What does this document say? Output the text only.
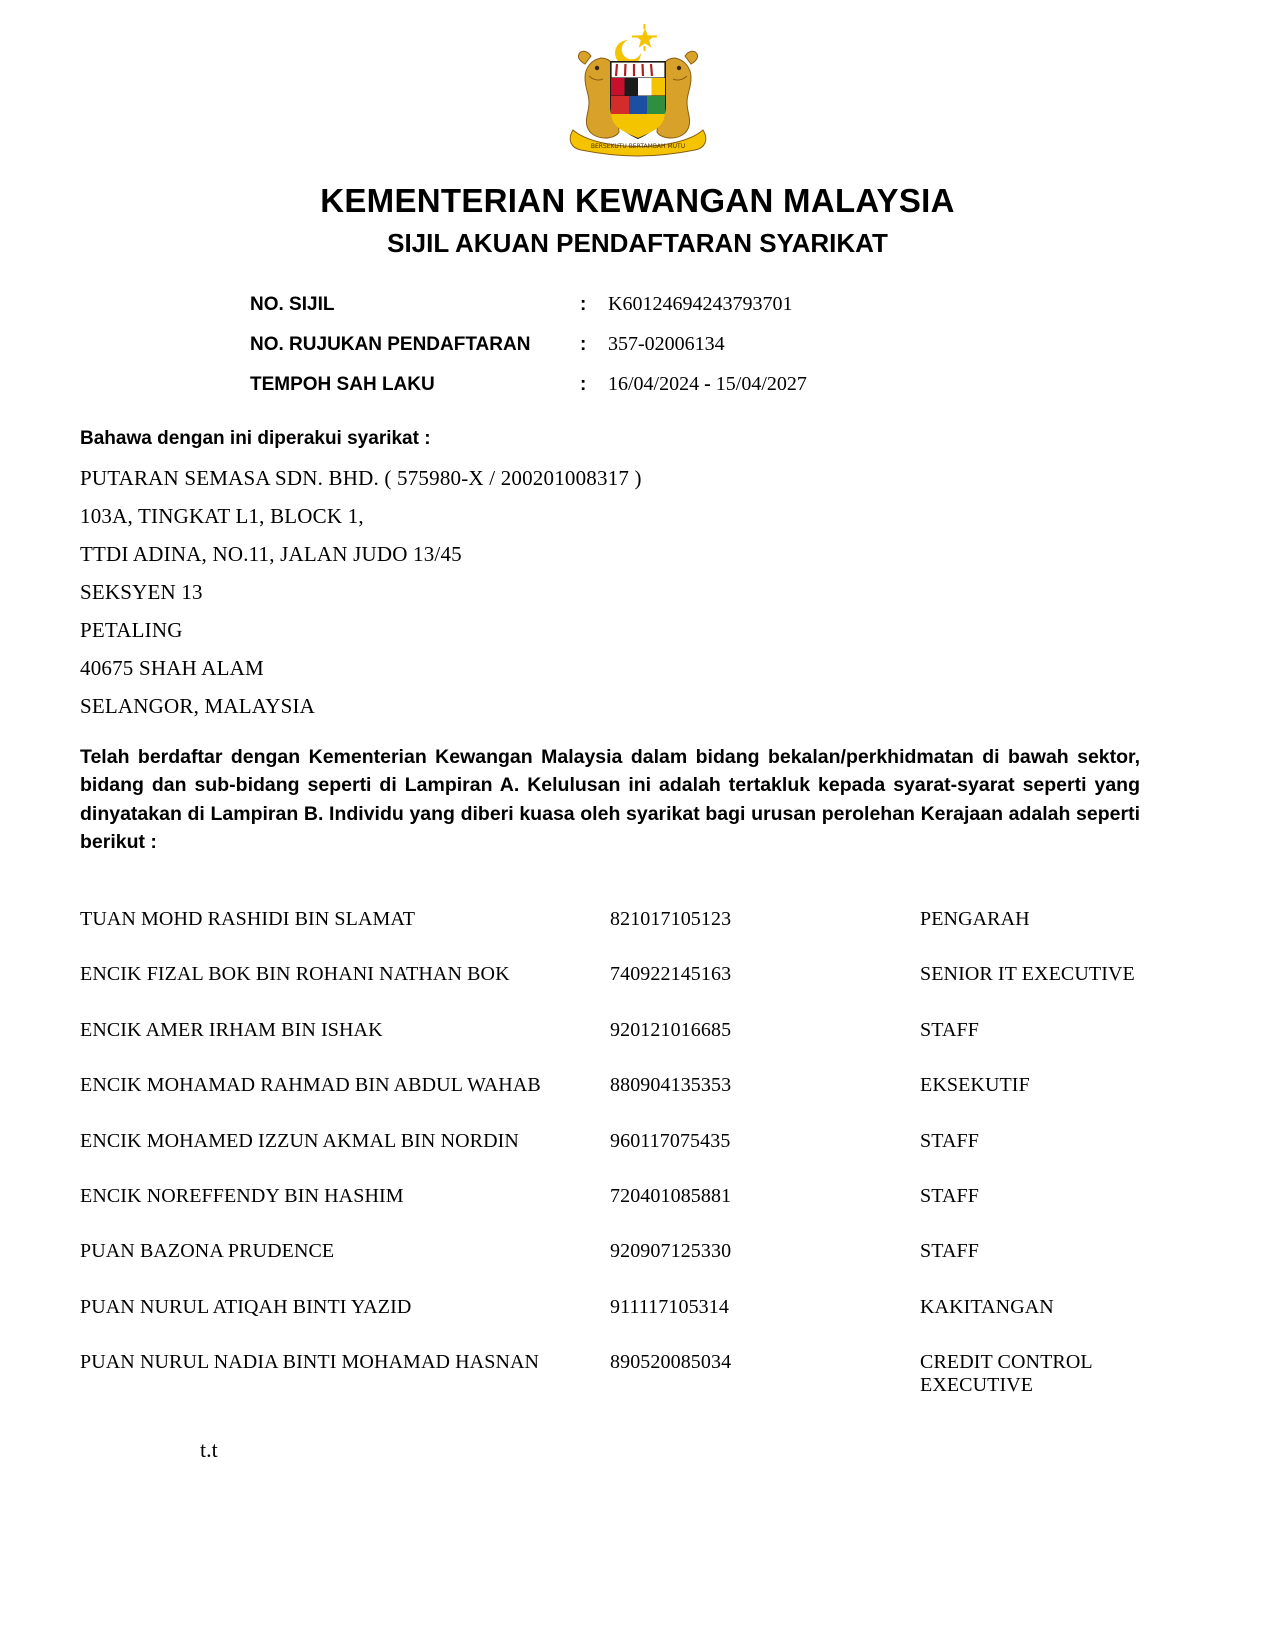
BERSEKUTU BERTAMBAH MUTU
KEMENTERIAN KEWANGAN MALAYSIA
SIJIL AKUAN PENDAFTARAN SYARIKAT
NO. SIJIL	:	K60124694243793701
NO. RUJUKAN PENDAFTARAN	:	357-02006134
TEMPOH SAH LAKU	:	16/04/2024 - 15/04/2027
Bahawa dengan ini diperakui syarikat :
PUTARAN SEMASA SDN. BHD. ( 575980-X / 200201008317 )
103A, TINGKAT L1, BLOCK 1,
TTDI ADINA, NO.11, JALAN JUDO 13/45
SEKSYEN 13
PETALING
40675 SHAH ALAM
SELANGOR, MALAYSIA
Telah berdaftar dengan Kementerian Kewangan Malaysia dalam bidang bekalan/perkhidmatan di bawah sektor, bidang dan sub-bidang seperti di Lampiran A. Kelulusan ini adalah tertakluk kepada syarat-syarat seperti yang dinyatakan di Lampiran B. Individu yang diberi kuasa oleh syarikat bagi urusan perolehan Kerajaan adalah seperti berikut :
TUAN MOHD RASHIDI BIN SLAMAT	821017105123	PENGARAH
ENCIK FIZAL BOK BIN ROHANI NATHAN BOK	740922145163	SENIOR IT EXECUTIVE
ENCIK AMER IRHAM BIN ISHAK	920121016685	STAFF
ENCIK MOHAMAD RAHMAD BIN ABDUL WAHAB	880904135353	EKSEKUTIF
ENCIK MOHAMED IZZUN AKMAL BIN NORDIN	960117075435	STAFF
ENCIK NOREFFENDY BIN HASHIM	720401085881	STAFF
PUAN BAZONA PRUDENCE	920907125330	STAFF
PUAN NURUL ATIQAH BINTI YAZID	911117105314	KAKITANGAN
PUAN NURUL NADIA BINTI MOHAMAD HASNAN	890520085034	CREDIT CONTROL EXECUTIVE
t.t
